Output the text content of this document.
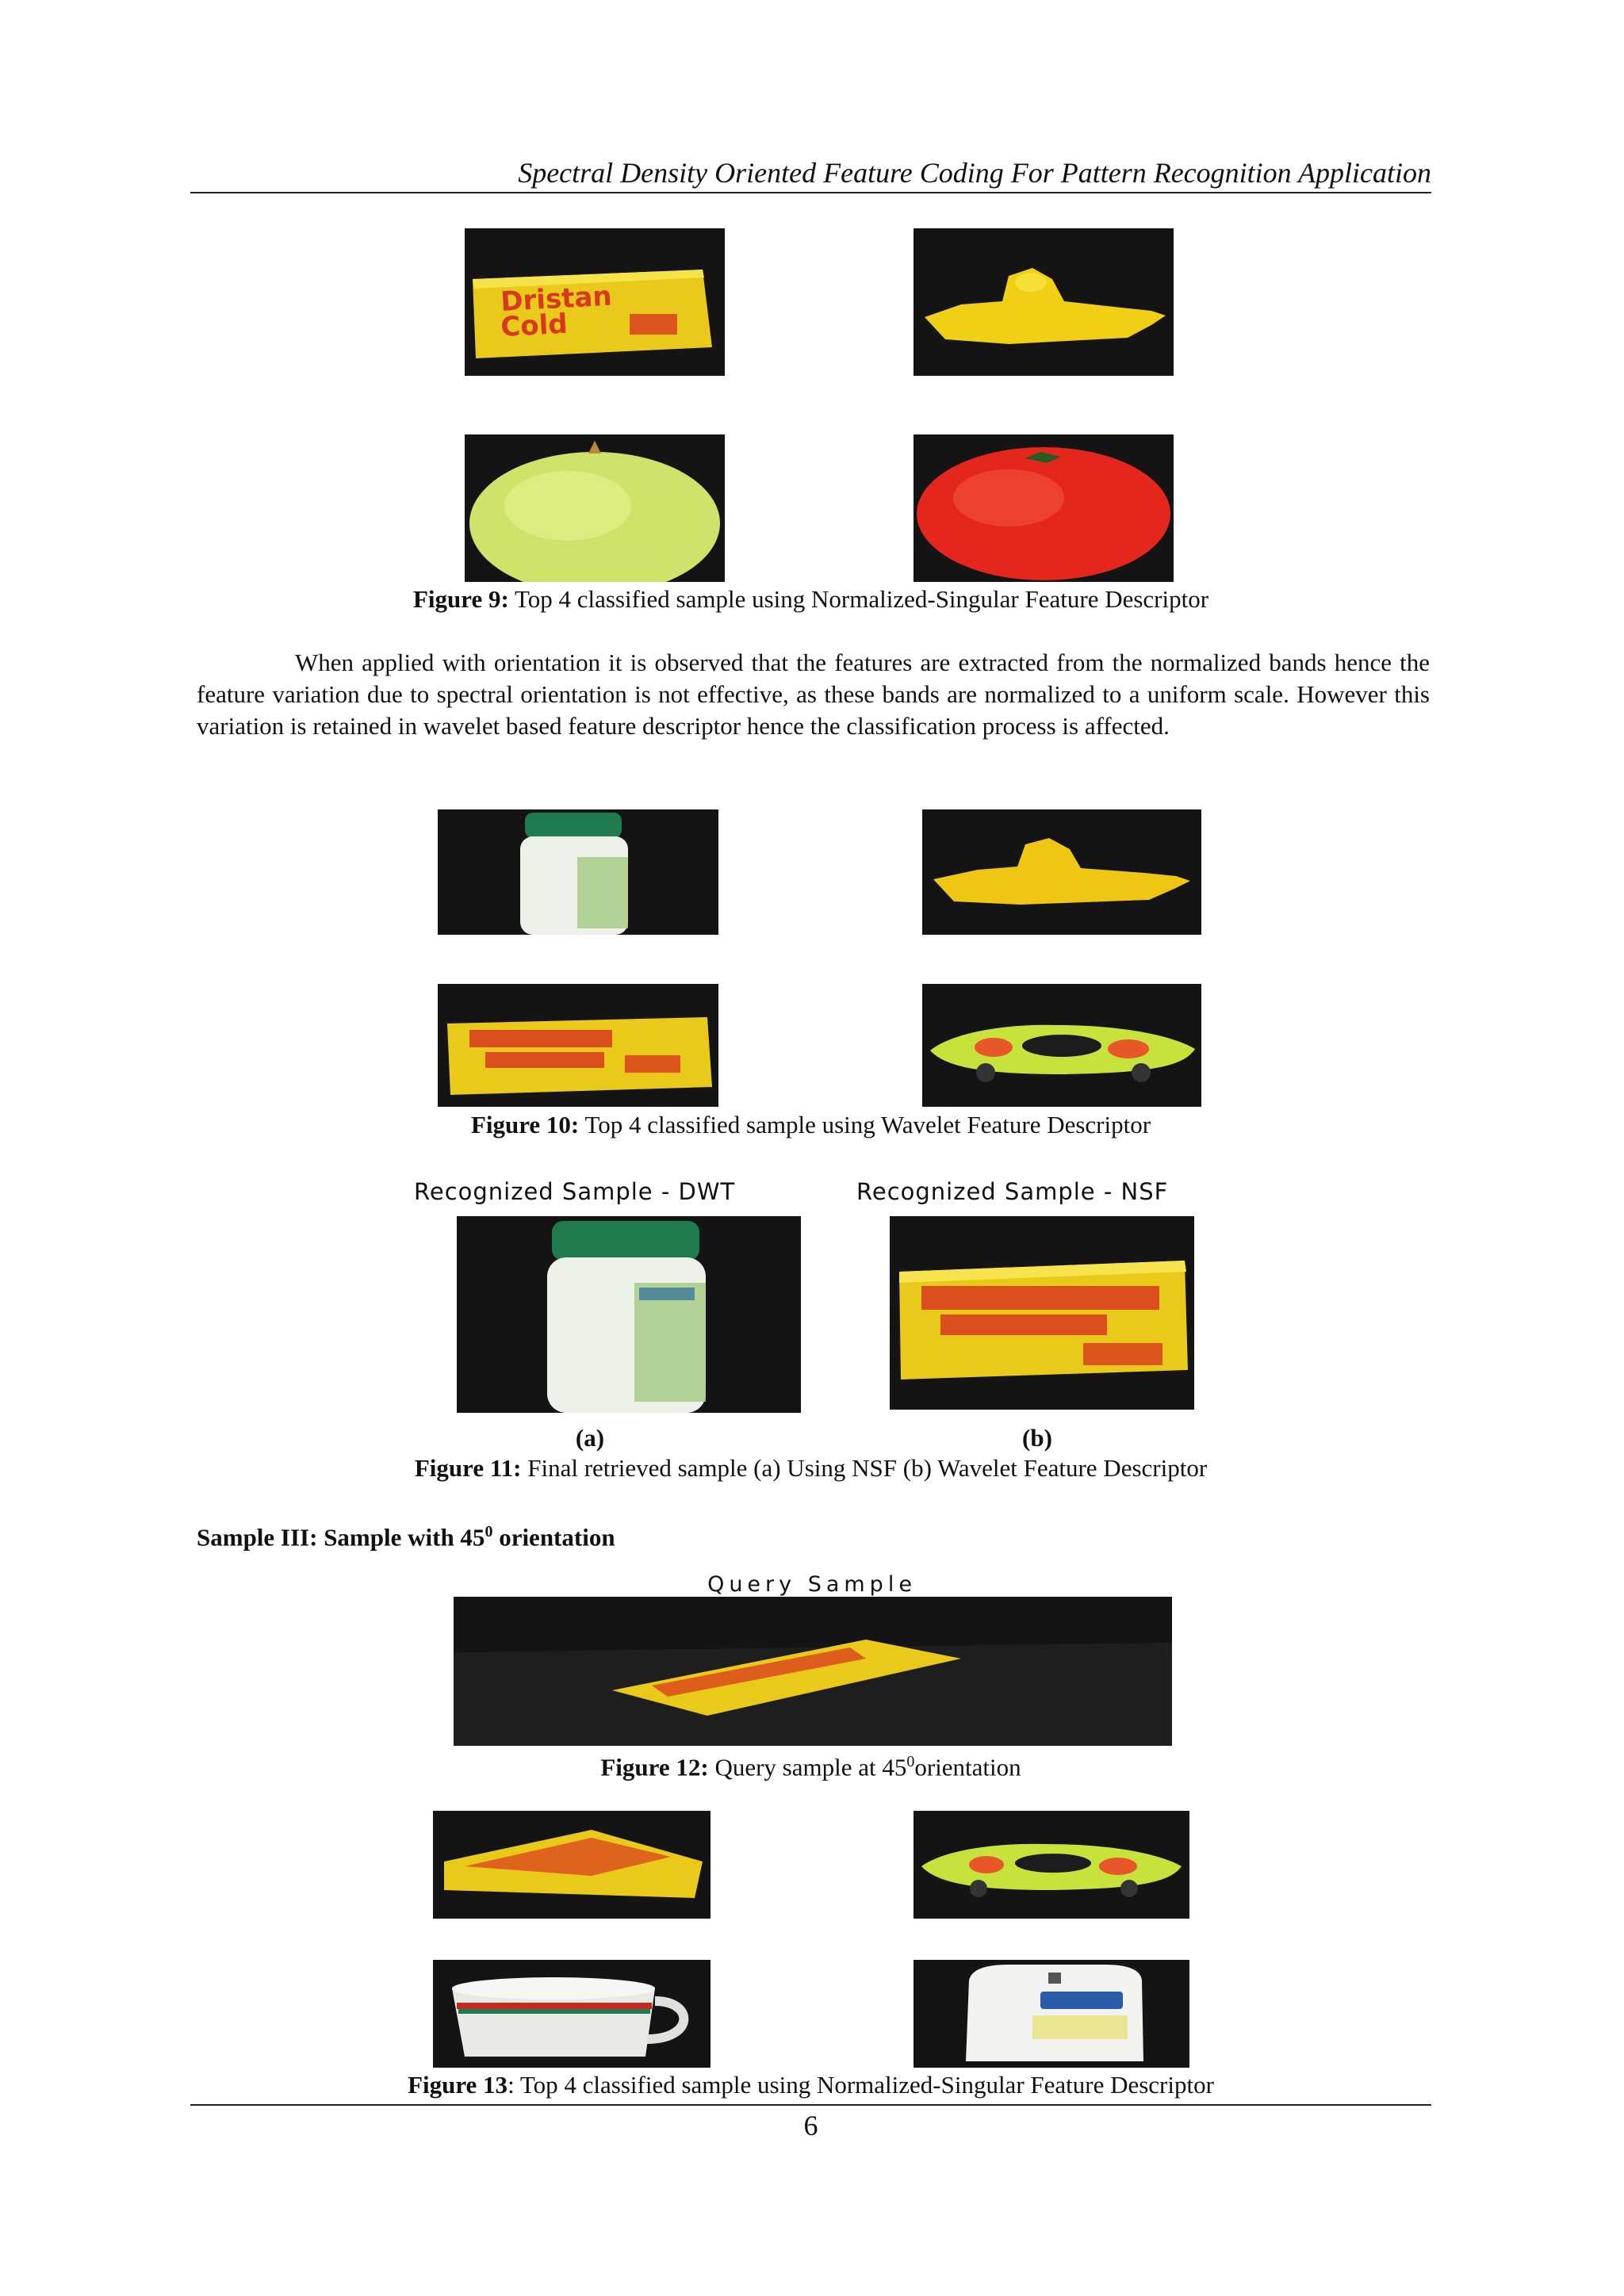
Spectral Density Oriented Feature Coding For Pattern Recognition Application
Dristan
Cold
Figure 9: Top 4 classified sample using Normalized-Singular Feature Descriptor
When applied with orientation it is observed that the features are extracted from the normalized bands hence the feature variation due to spectral orientation is not effective, as these bands are normalized to a uniform scale. However this variation is retained in wavelet based feature descriptor hence the classification process is affected.
Figure 10: Top 4 classified sample using Wavelet Feature Descriptor
Recognized Sample - DWT	Recognized Sample - NSF
(a)	(b)
Figure 11: Final retrieved sample (a) Using NSF (b) Wavelet Feature Descriptor
Sample III: Sample with $45^0$ orientation
Query Sample
Figure 12: Query sample at $45^0orientation$
Figure 13: Top 4 classified sample using Normalized-Singular Feature Descriptor
6
